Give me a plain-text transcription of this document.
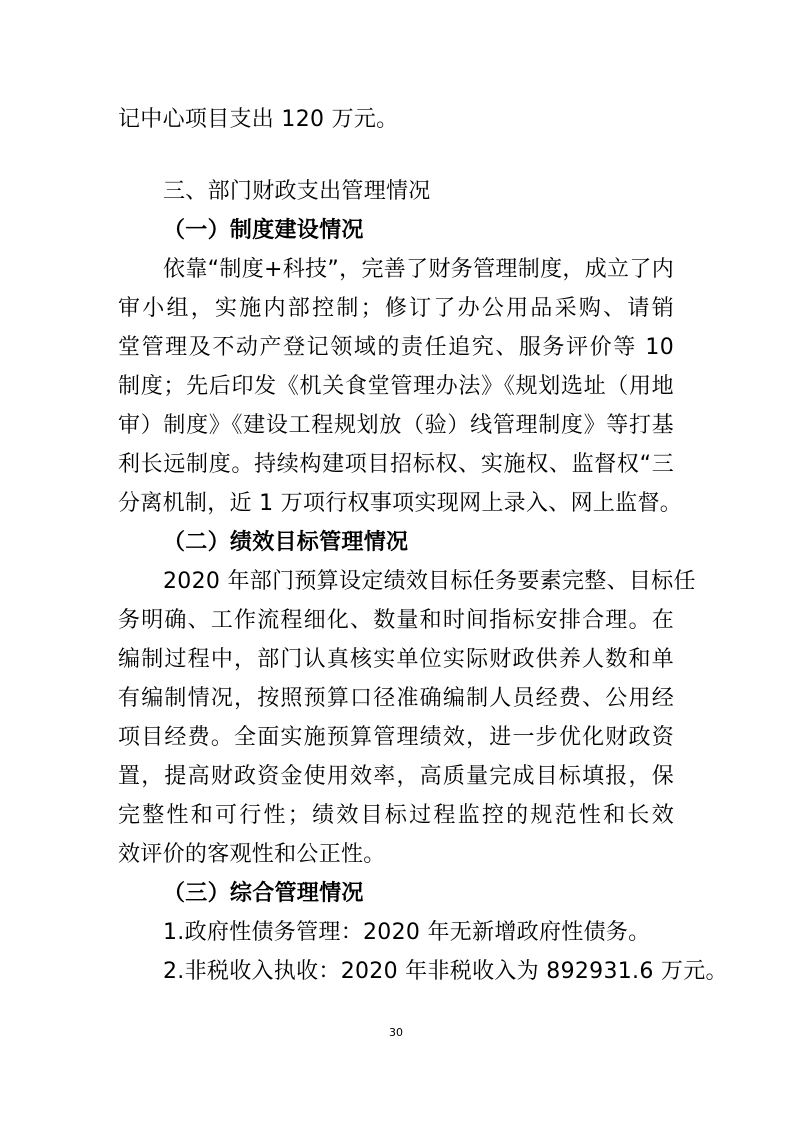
记中心项目支出 120 万元。
三、部门财政支出管理情况
（一）制度建设情况
依靠“制度+科技”，完善了财务管理制度，成立了内
审小组，实施内部控制；修订了办公用品采购、请销
堂管理及不动产登记领域的责任追究、服务评价等 10
制度；先后印发《机关食堂管理办法》《规划选址（用地
审）制度》《建设工程规划放（验）线管理制度》等打基
利长远制度。持续构建项目招标权、实施权、监督权“三
分离机制，近 1 万项行权事项实现网上录入、网上监督。
（二）绩效目标管理情况
2020 年部门预算设定绩效目标任务要素完整、目标任
务明确、工作流程细化、数量和时间指标安排合理。在
编制过程中，部门认真核实单位实际财政供养人数和单
有编制情况，按照预算口径准确编制人员经费、公用经
项目经费。全面实施预算管理绩效，进一步优化财政资
置，提高财政资金使用效率，高质量完成目标填报，保
完整性和可行性；绩效目标过程监控的规范性和长效
效评价的客观性和公正性。
（三）综合管理情况
1.政府性债务管理：2020 年无新增政府性债务。
2.非税收入执收：2020 年非税收入为 892931.6 万元。
30
